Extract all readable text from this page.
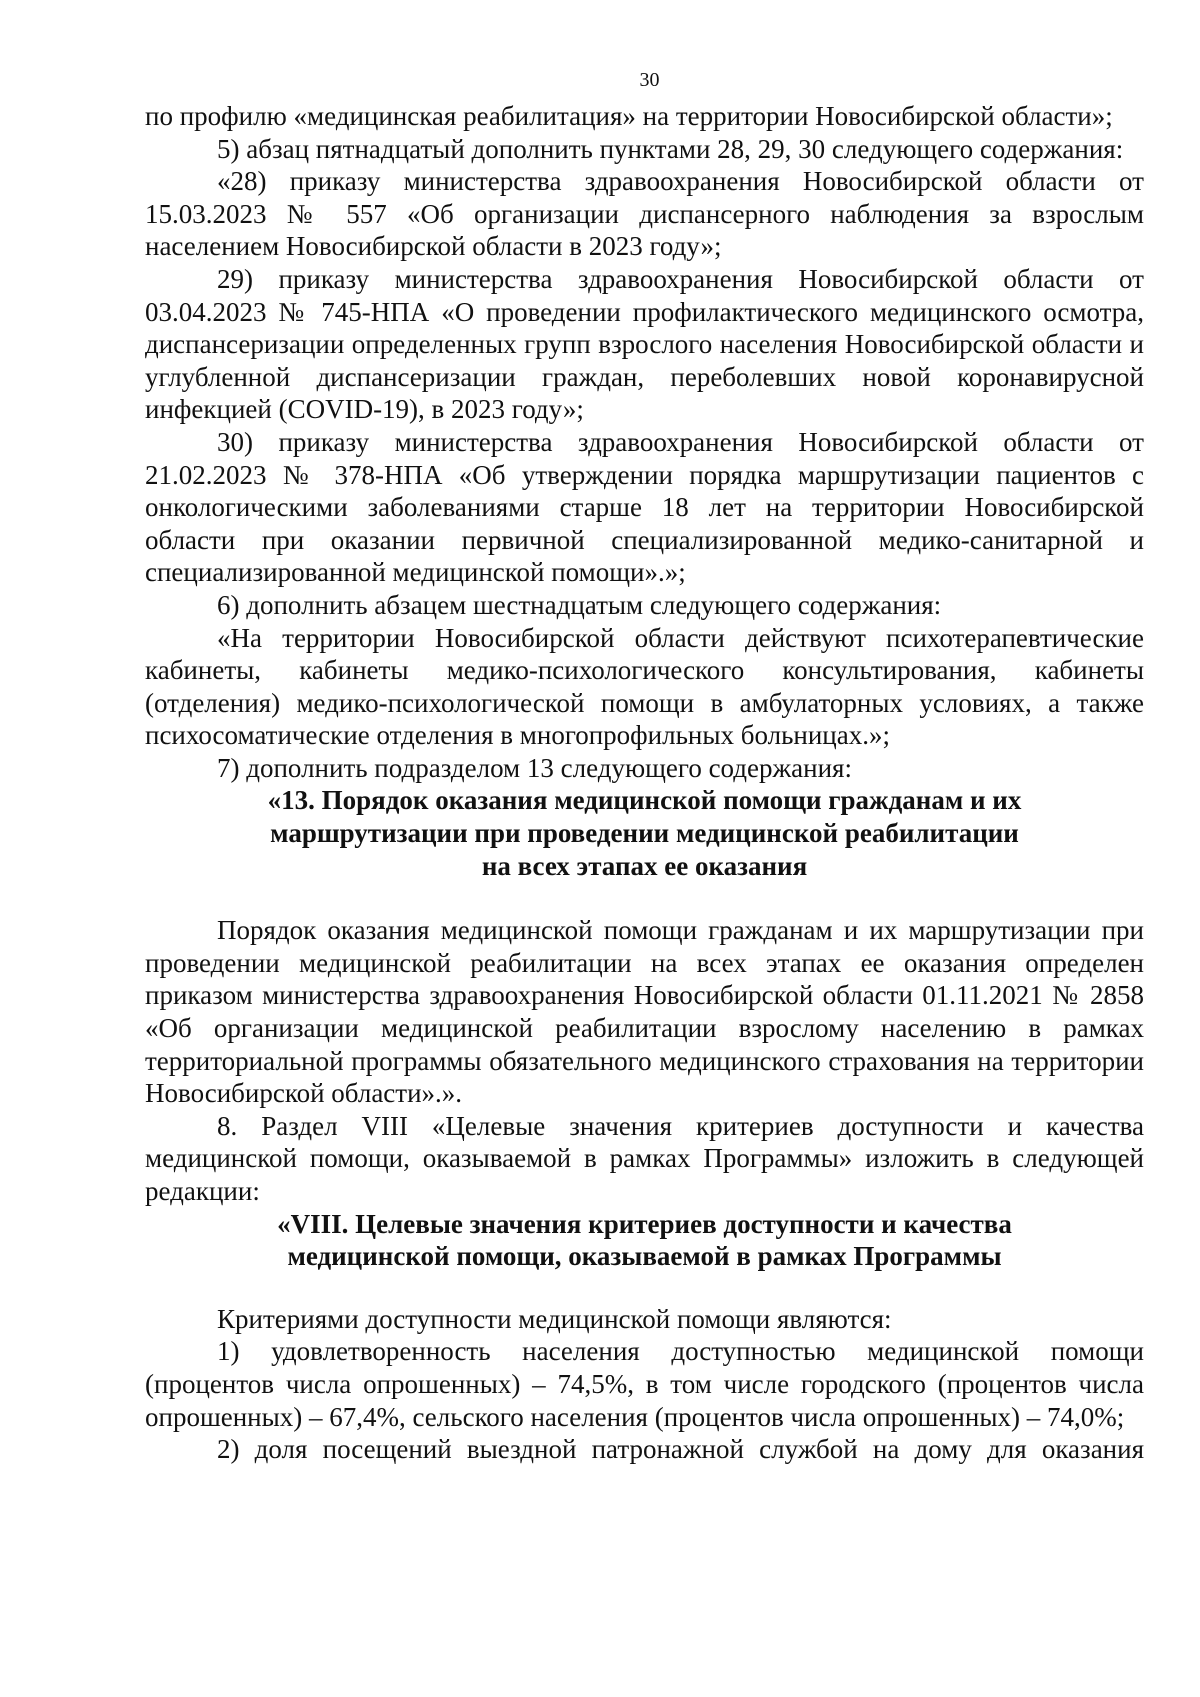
30

по профилю «медицинская реабилитация» на территории Новосибирской области»;

5) абзац пятнадцатый дополнить пунктами 28, 29, 30 следующего содержания:

«28) приказу министерства здравоохранения Новосибирской области от 15.03.2023 № 557 «Об организации диспансерного наблюдения за взрослым населением Новосибирской области в 2023 году»;

29) приказу министерства здравоохранения Новосибирской области от 03.04.2023 № 745-НПА «О проведении профилактического медицинского осмотра, диспансеризации определенных групп взрослого населения Новосибирской области и углубленной диспансеризации граждан, переболевших новой коронавирусной инфекцией (COVID-19), в 2023 году»;

30) приказу министерства здравоохранения Новосибирской области от 21.02.2023 № 378-НПА «Об утверждении порядка маршрутизации пациентов с онкологическими заболеваниями старше 18 лет на территории Новосибирской области при оказании первичной специализированной медико-санитарной и специализированной медицинской помощи».»;

6) дополнить абзацем шестнадцатым следующего содержания:

«На территории Новосибирской области действуют психотерапевтические кабинеты, кабинеты медико-психологического консультирования, кабинеты (отделения) медико-психологической помощи в амбулаторных условиях, а также психосоматические отделения в многопрофильных больницах.»;

7) дополнить подразделом 13 следующего содержания:

«13. Порядок оказания медицинской помощи гражданам и их
маршрутизации при проведении медицинской реабилитации
на всех этапах ее оказания

Порядок оказания медицинской помощи гражданам и их маршрутизации при проведении медицинской реабилитации на всех этапах ее оказания определен приказом министерства здравоохранения Новосибирской области 01.11.2021 № 2858 «Об организации медицинской реабилитации взрослому населению в рамках территориальной программы обязательного медицинского страхования на территории Новосибирской области».».

8. Раздел VIII «Целевые значения критериев доступности и качества медицинской помощи, оказываемой в рамках Программы» изложить в следующей редакции:

«VIII. Целевые значения критериев доступности и качества
медицинской помощи, оказываемой в рамках Программы

Критериями доступности медицинской помощи являются:

1) удовлетворенность населения доступностью медицинской помощи (процентов числа опрошенных) – 74,5%, в том числе городского (процентов числа опрошенных) – 67,4%, сельского населения (процентов числа опрошенных) – 74,0%;

2) доля посещений выездной патронажной службой на дому для оказания
